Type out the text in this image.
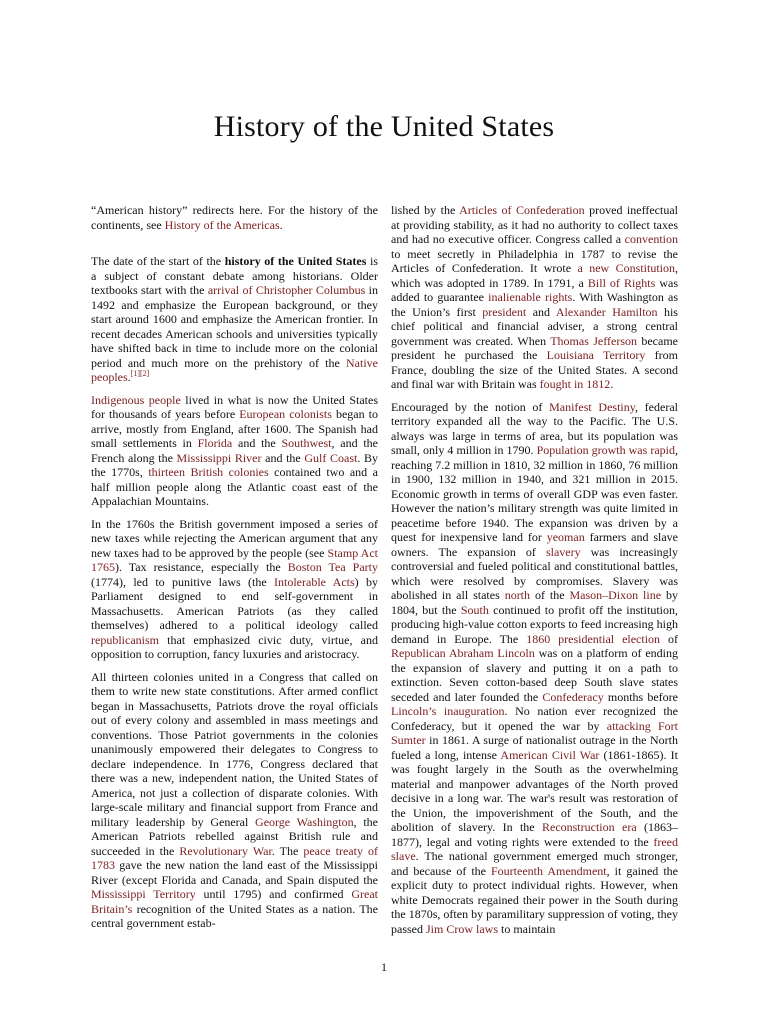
History of the United States

“American history” redirects here. For the history of the continents, see History of the Americas.

The date of the start of the history of the United States is a subject of constant debate among historians. Older textbooks start with the arrival of Christopher Columbus in 1492 and emphasize the European background, or they start around 1600 and emphasize the American frontier. In recent decades American schools and universities typically have shifted back in time to include more on the colonial period and much more on the prehistory of the Native peoples.[1][2]

Indigenous people lived in what is now the United States for thousands of years before European colonists began to arrive, mostly from England, after 1600. The Spanish had small settlements in Florida and the Southwest, and the French along the Mississippi River and the Gulf Coast. By the 1770s, thirteen British colonies contained two and a half million people along the Atlantic coast east of the Appalachian Mountains.

In the 1760s the British government imposed a series of new taxes while rejecting the American argument that any new taxes had to be approved by the people (see Stamp Act 1765). Tax resistance, especially the Boston Tea Party (1774), led to punitive laws (the Intolerable Acts) by Parliament designed to end self-government in Massachusetts. American Patriots (as they called themselves) adhered to a political ideology called republicanism that emphasized civic duty, virtue, and opposition to corruption, fancy luxuries and aristocracy.

All thirteen colonies united in a Congress that called on them to write new state constitutions. After armed conflict began in Massachusetts, Patriots drove the royal officials out of every colony and assembled in mass meetings and conventions. Those Patriot governments in the colonies unanimously empowered their delegates to Congress to declare independence. In 1776, Congress declared that there was a new, independent nation, the United States of America, not just a collection of disparate colonies. With large-scale military and financial support from France and military leadership by General George Washington, the American Patriots rebelled against British rule and succeeded in the Revolutionary War. The peace treaty of 1783 gave the new nation the land east of the Mississippi River (except Florida and Canada, and Spain disputed the Mississippi Territory until 1795) and confirmed Great Britain’s recognition of the United States as a nation. The central government estab-

lished by the Articles of Confederation proved ineffectual at providing stability, as it had no authority to collect taxes and had no executive officer. Congress called a convention to meet secretly in Philadelphia in 1787 to revise the Articles of Confederation. It wrote a new Constitution, which was adopted in 1789. In 1791, a Bill of Rights was added to guarantee inalienable rights. With Washington as the Union’s first president and Alexander Hamilton his chief political and financial adviser, a strong central government was created. When Thomas Jefferson became president he purchased the Louisiana Territory from France, doubling the size of the United States. A second and final war with Britain was fought in 1812.

Encouraged by the notion of Manifest Destiny, federal territory expanded all the way to the Pacific. The U.S. always was large in terms of area, but its population was small, only 4 million in 1790. Population growth was rapid, reaching 7.2 million in 1810, 32 million in 1860, 76 million in 1900, 132 million in 1940, and 321 million in 2015. Economic growth in terms of overall GDP was even faster. However the nation’s military strength was quite limited in peacetime before 1940. The expansion was driven by a quest for inexpensive land for yeoman farmers and slave owners. The expansion of slavery was increasingly controversial and fueled political and constitutional battles, which were resolved by compromises. Slavery was abolished in all states north of the Mason–Dixon line by 1804, but the South continued to profit off the institution, producing high-value cotton exports to feed increasing high demand in Europe. The 1860 presidential election of Republican Abraham Lincoln was on a platform of ending the expansion of slavery and putting it on a path to extinction. Seven cotton-based deep South slave states seceded and later founded the Confederacy months before Lincoln’s inauguration. No nation ever recognized the Confederacy, but it opened the war by attacking Fort Sumter in 1861. A surge of nationalist outrage in the North fueled a long, intense American Civil War (1861-1865). It was fought largely in the South as the overwhelming material and manpower advantages of the North proved decisive in a long war. The war's result was restoration of the Union, the impoverishment of the South, and the abolition of slavery. In the Reconstruction era (1863–1877), legal and voting rights were extended to the freed slave. The national government emerged much stronger, and because of the Fourteenth Amendment, it gained the explicit duty to protect individual rights. However, when white Democrats regained their power in the South during the 1870s, often by paramilitary suppression of voting, they passed Jim Crow laws to maintain

1
